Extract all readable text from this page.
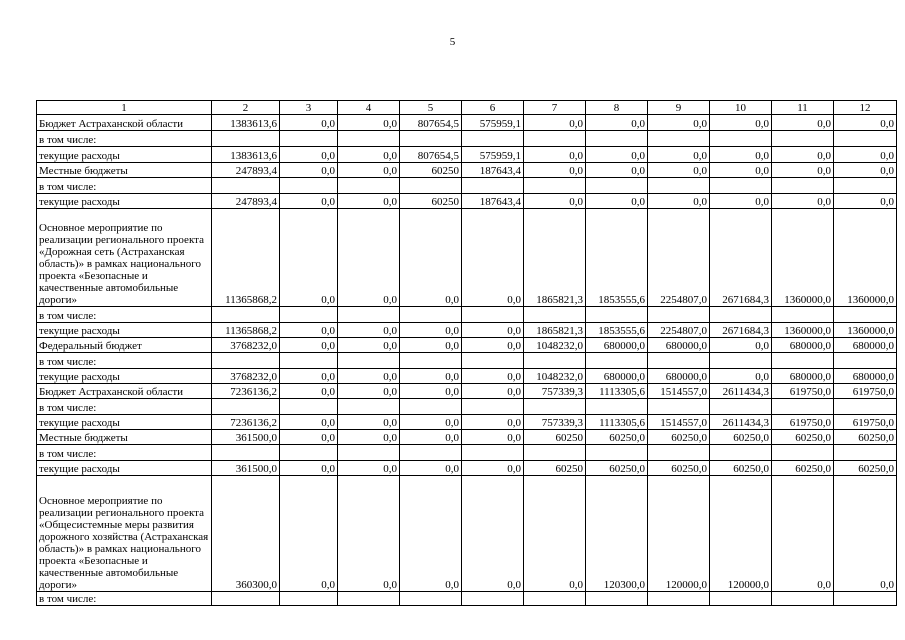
5
1	2	3	4	5	6	7	8	9	10	11	12
Бюджет Астраханской области	1383613,6	0,0	0,0	807654,5	575959,1	0,0	0,0	0,0	0,0	0,0	0,0
в том числе:											
текущие расходы	1383613,6	0,0	0,0	807654,5	575959,1	0,0	0,0	0,0	0,0	0,0	0,0
Местные бюджеты	247893,4	0,0	0,0	60250	187643,4	0,0	0,0	0,0	0,0	0,0	0,0
в том числе:											
текущие расходы	247893,4	0,0	0,0	60250	187643,4	0,0	0,0	0,0	0,0	0,0	0,0
Основное мероприятие по реализации регионального проекта «Дорожная сеть (Астраханская область)» в рамках национального проекта «Безопасные и качественные автомобильные дороги»	11365868,2	0,0	0,0	0,0	0,0	1865821,3	1853555,6	2254807,0	2671684,3	1360000,0	1360000,0
в том числе:											
текущие расходы	11365868,2	0,0	0,0	0,0	0,0	1865821,3	1853555,6	2254807,0	2671684,3	1360000,0	1360000,0
Федеральный бюджет	3768232,0	0,0	0,0	0,0	0,0	1048232,0	680000,0	680000,0	0,0	680000,0	680000,0
в том числе:											
текущие расходы	3768232,0	0,0	0,0	0,0	0,0	1048232,0	680000,0	680000,0	0,0	680000,0	680000,0
Бюджет Астраханской области	7236136,2	0,0	0,0	0,0	0,0	757339,3	1113305,6	1514557,0	2611434,3	619750,0	619750,0
в том числе:											
текущие расходы	7236136,2	0,0	0,0	0,0	0,0	757339,3	1113305,6	1514557,0	2611434,3	619750,0	619750,0
Местные бюджеты	361500,0	0,0	0,0	0,0	0,0	60250	60250,0	60250,0	60250,0	60250,0	60250,0
в том числе:											
текущие расходы	361500,0	0,0	0,0	0,0	0,0	60250	60250,0	60250,0	60250,0	60250,0	60250,0
Основное мероприятие по реализации регионального проекта «Общесистемные меры развития дорожного хозяйства (Астраханская область)» в рамках национального проекта «Безопасные и качественные автомобильные дороги»	360300,0	0,0	0,0	0,0	0,0	0,0	120300,0	120000,0	120000,0	0,0	0,0
в том числе:											
